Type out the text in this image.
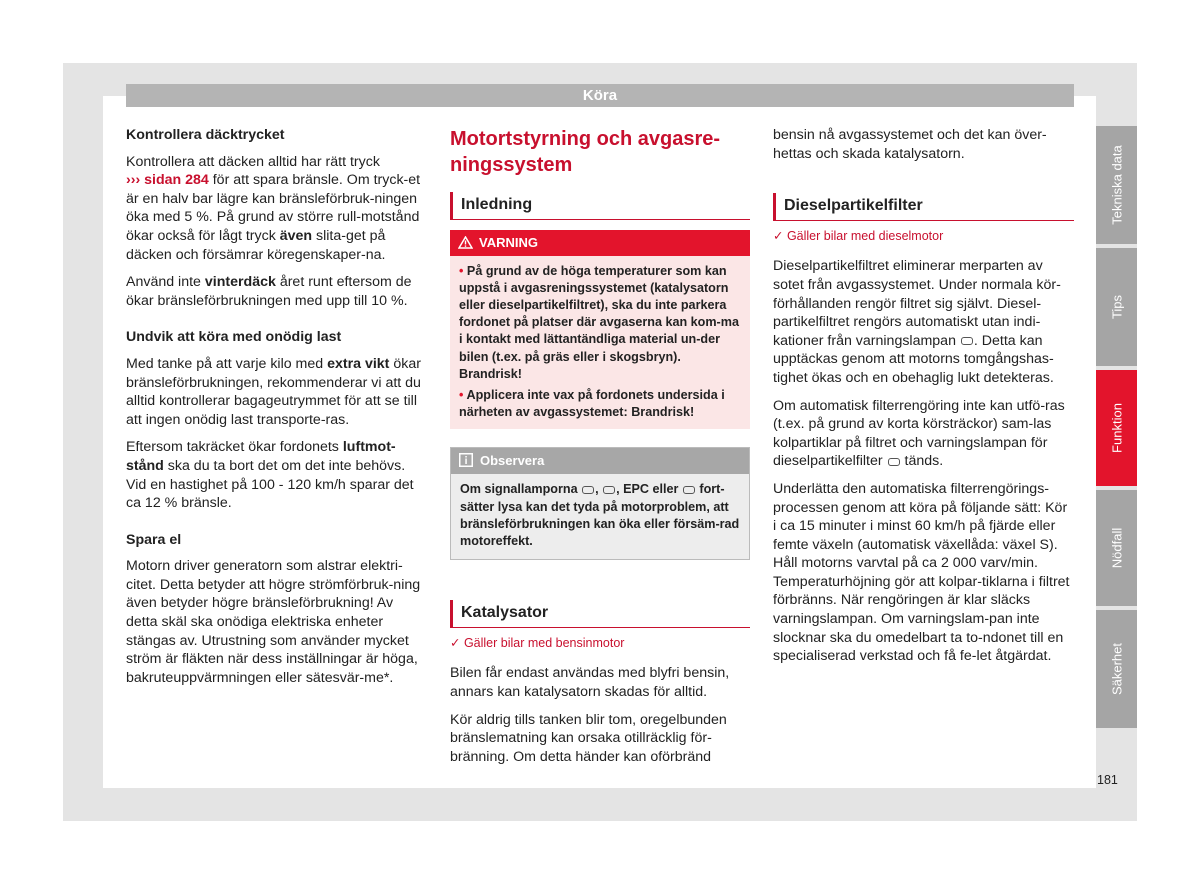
Köra
Kontrollera däcktrycket

Kontrollera att däcken alltid har rätt tryck
››› sidan 284 för att spara bränsle. Om tryck-et är en halv bar lägre kan bränsleförbruk-ningen öka med 5 %. På grund av större rull-motstånd ökar också för lågt tryck även slita-get på däcken och försämrar köregenskaper-na.

Använd inte vinterdäck året runt eftersom de ökar bränsleförbrukningen med upp till 10 %.

Undvik att köra med onödig last

Med tanke på att varje kilo med extra vikt ökar bränsleförbrukningen, rekommenderar vi att du alltid kontrollerar bagageutrymmet för att se till att ingen onödig last transporte-ras.

Eftersom takräcket ökar fordonets luftmot-stånd ska du ta bort det om det inte behövs. Vid en hastighet på 100 - 120 km/h sparar det ca 12 % bränsle.

Spara el

Motorn driver generatorn som alstrar elektri-citet. Detta betyder att högre strömförbruk-ning även betyder högre bränsleförbrukning! Av detta skäl ska onödiga elektriska enheter stängas av. Utrustning som använder mycket ström är fläkten när dess inställningar är höga, bakruteuppvärmningen eller sätesvär-me*.

Motortstyrning och avgasre-ningssystem
Inledning
VARNING

• På grund av de höga temperaturer som kan uppstå i avgasreningssystemet (katalysatorn eller dieselpartikelfiltret), ska du inte parkera fordonet på platser där avgaserna kan kom-ma i kontakt med lättantändliga material un-der bilen (t.ex. på gräs eller i skogsbryn). Brandrisk!

• Applicera inte vax på fordonets undersida i närheten av avgassystemet: Brandrisk!

Observera
Om signallamporna , , EPC eller  fort-sätter lysa kan det tyda på motorproblem, att bränsleförbrukningen kan öka eller försäm-rad motoreffekt.
Katalysator
✓ Gäller bilar med bensinmotor

Bilen får endast användas med blyfri bensin, annars kan katalysatorn skadas för alltid.

Kör aldrig tills tanken blir tom, oregelbunden bränslematning kan orsaka otillräcklig för-bränning. Om detta händer kan oförbränd

bensin nå avgassystemet och det kan över-hettas och skada katalysatorn.

Dieselpartikelfilter
✓ Gäller bilar med dieselmotor

Dieselpartikelfiltret eliminerar merparten av sotet från avgassystemet. Under normala kör-förhållanden rengör filtret sig självt. Diesel-partikelfiltret rengörs automatiskt utan indi-kationer från varningslampan . Detta kan upptäckas genom att motorns tomgångshas-tighet ökas och en obehaglig lukt detekteras.

Om automatisk filterrengöring inte kan utfö-ras (t.ex. på grund av korta körsträckor) sam-las kolpartiklar på filtret och varningslampan för dieselpartikelfilter  tänds.

Underlätta den automatiska filterrengörings-processen genom att köra på följande sätt: Kör i ca 15 minuter i minst 60 km/h på fjärde eller femte växeln (automatisk växellåda: växel S). Håll motorns varvtal på ca 2 000 varv/min. Temperaturhöjning gör att kolpar-tiklarna i filtret förbränns. När rengöringen är klar släcks varningslampan. Om varningslam-pan inte slocknar ska du omedelbart ta to-ndonet till en specialiserad verkstad och få fe-let åtgärdat.

Tekniska data
Tips
Funktion
Nödfall
Säkerhet
181
